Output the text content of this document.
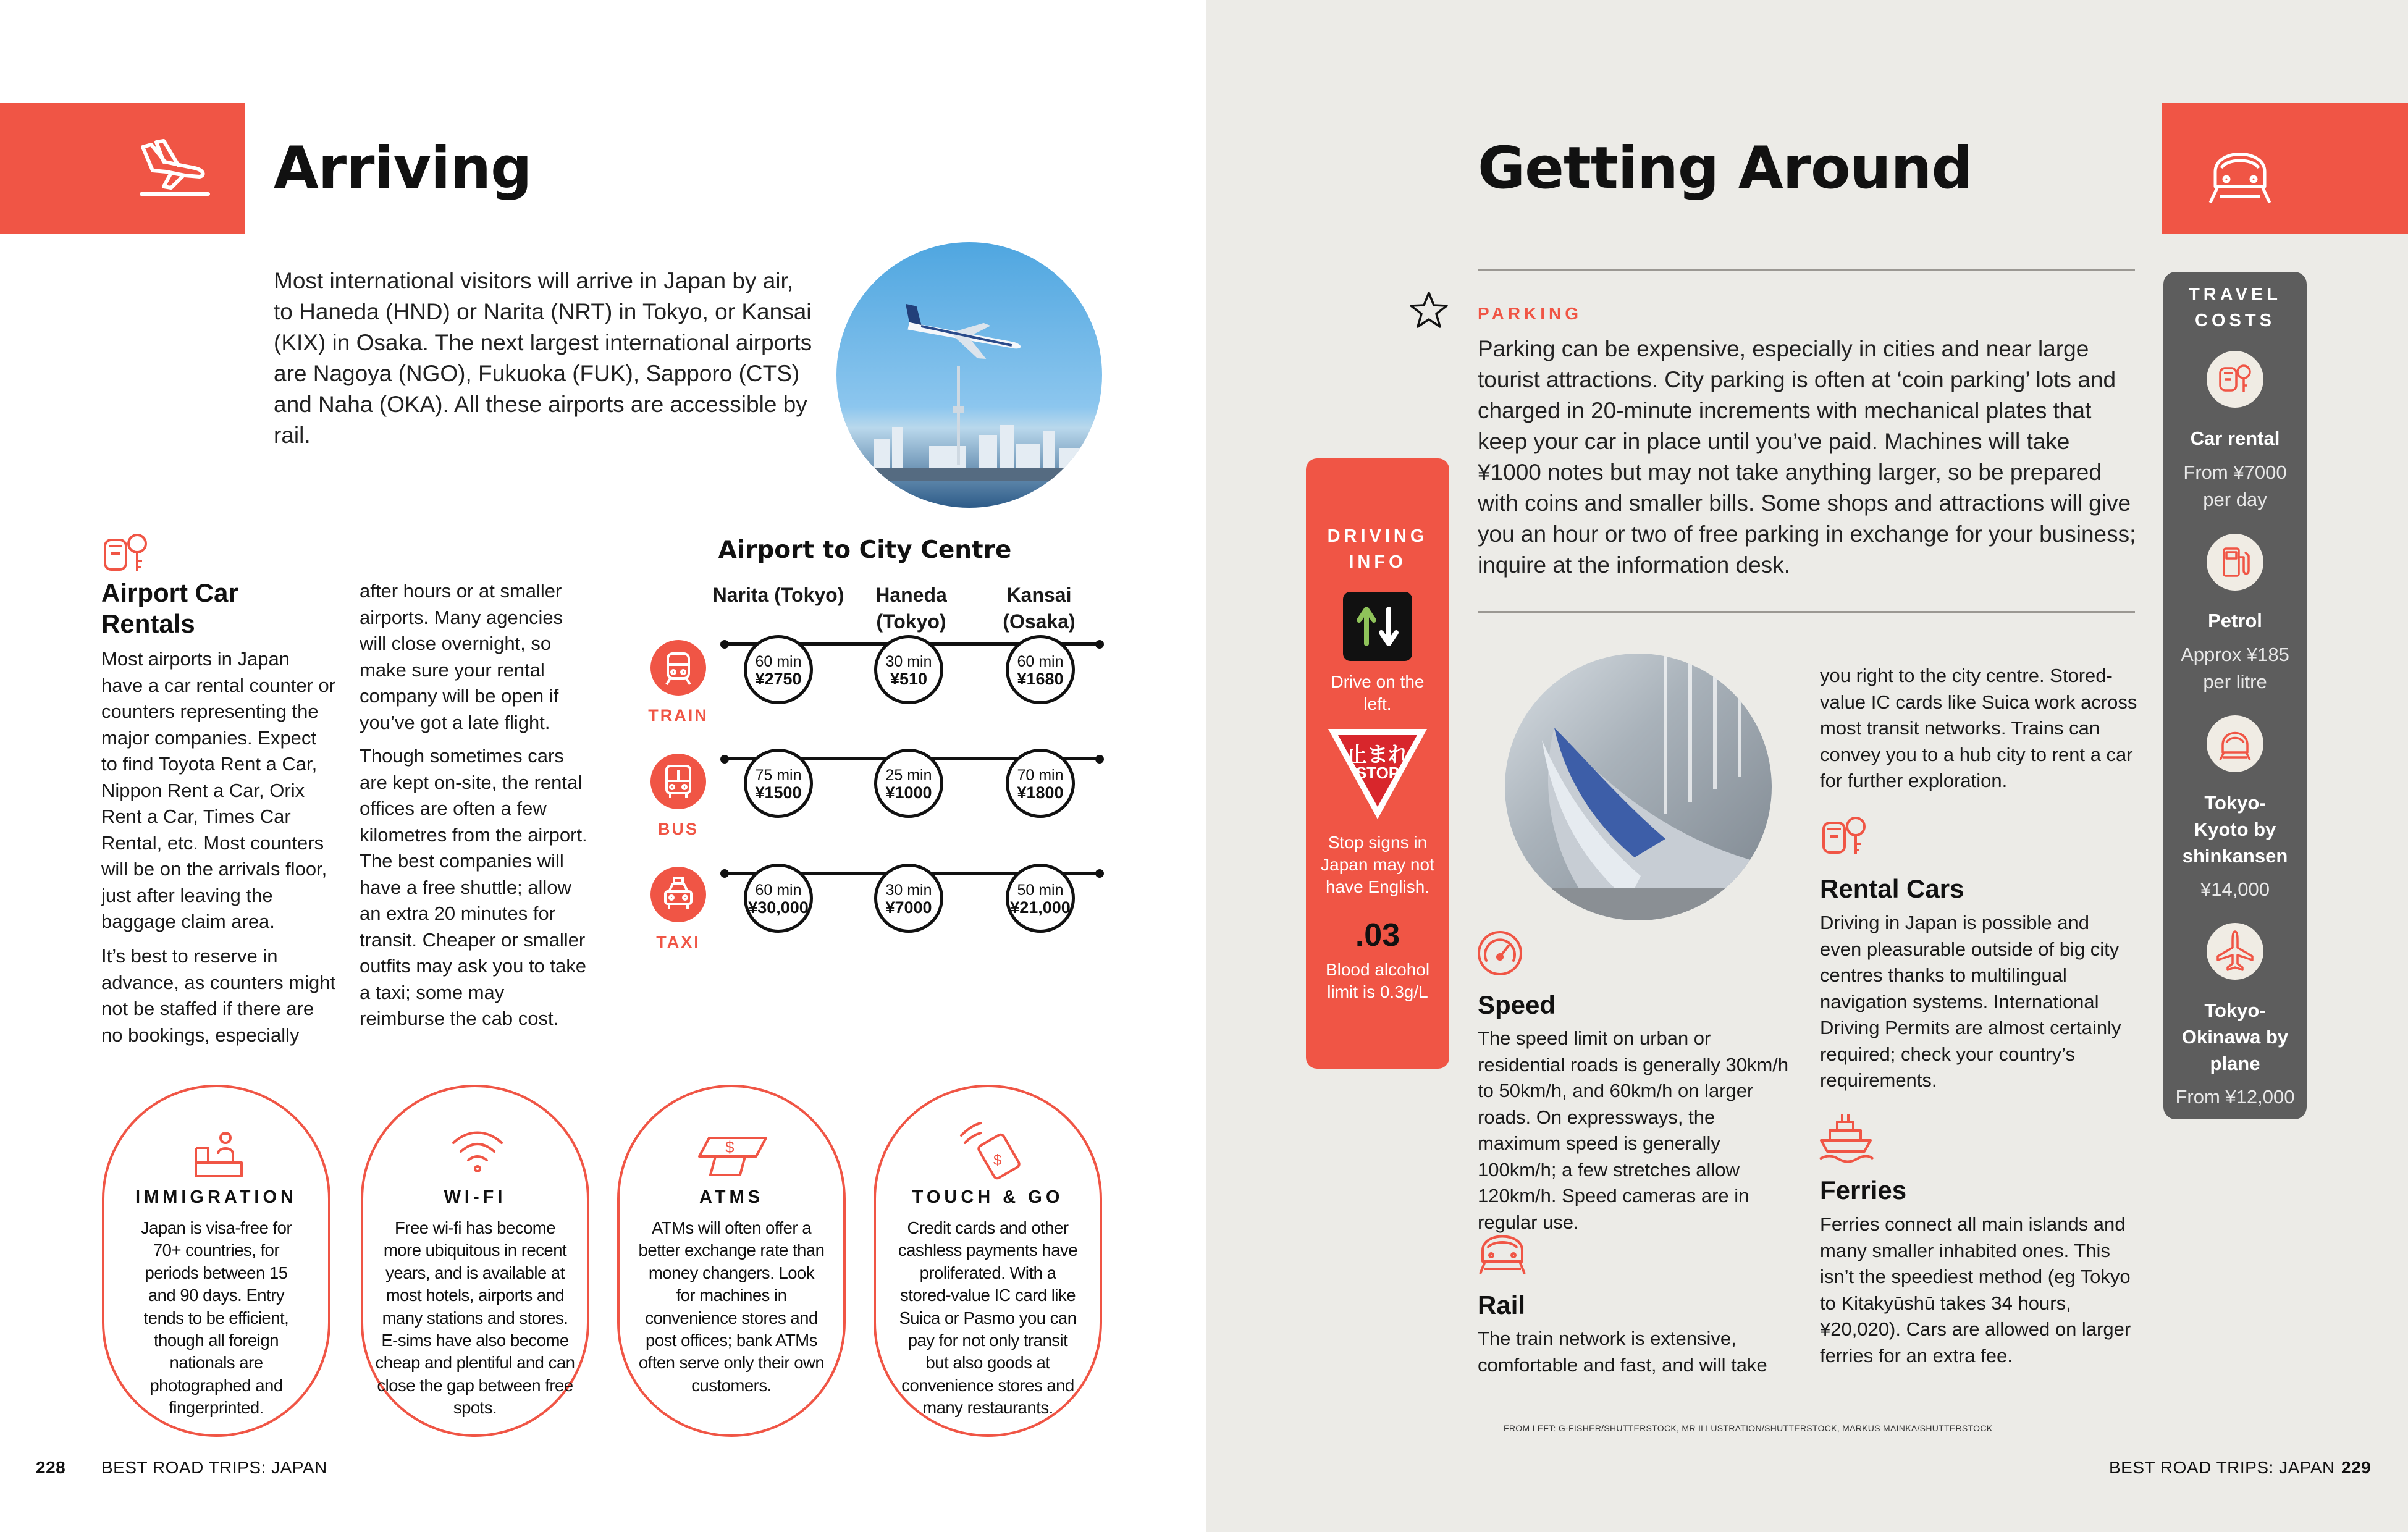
Arriving
Most international visitors will arrive in Japan by air, to Haneda (HND) or Narita (NRT) in Tokyo, or Kansai (KIX) in Osaka. The next largest international airports are Nagoya (NGO), Fukuoka (FUK), Sapporo (CTS) and Naha (OKA). All these airports are accessible by rail.
Airport Car
Rentals
Most airports in Japan have a car rental counter or counters representing the major companies. Expect to find Toyota Rent a Car, Nippon Rent a Car, Orix Rent a Car, Times Car Rental, etc. Most counters will be on the arrivals floor, just after leaving the baggage claim area.
It’s best to reserve in advance, as counters might not be staffed if there are no bookings, especially
after hours or at smaller airports. Many agencies will close overnight, so make sure your rental company will be open if you’ve got a late flight.
Though sometimes cars are kept on-site, the rental offices are often a few kilometres from the airport. The best companies will have a free shuttle; allow an extra 20 minutes for transit. Cheaper or smaller outfits may ask you to take a taxi; some may reimburse the cab cost.
Airport to City Centre
Narita (Tokyo)	Haneda
(Tokyo)
Kansai
(Osaka)
TRAIN
60 min
¥2750
30 min
¥510
60 min
¥1680
BUS
75 min
¥1500
25 min
¥1000
70 min
¥1800
TAXI
60 min
¥30,000
30 min
¥7000
50 min
¥21,000
IMMIGRATION
Japan is visa-free for 70+ countries, for periods between 15 and 90 days. Entry tends to be efficient, though all foreign nationals are photographed and fingerprinted.
WI-FI
Free wi-fi has become more ubiquitous in recent years, and is available at most hotels, airports and many stations and stores. E-sims have also become cheap and plentiful and can close the gap between free spots.
$
ATMS
ATMs will often offer a better exchange rate than money changers. Look for machines in convenience stores and post offices; bank ATMs often serve only their own customers.
$
TOUCH & GO
Credit cards and other cashless payments have proliferated. With a stored-value IC card like Suica or Pasmo you can pay for not only transit but also goods at convenience stores and many restaurants.
228 BEST ROAD TRIPS: JAPAN
Getting Around
PARKING
Parking can be expensive, especially in cities and near large tourist attractions. City parking is often at ‘coin parking’ lots and charged in 20-minute increments with mechanical plates that keep your car in place until you’ve paid. Machines will take ¥1000 notes but may not take anything larger, so be prepared with coins and smaller bills. Some shops and attractions will give you an hour or two of free parking in exchange for your business; inquire at the information desk.
DRIVING
INFO
Drive on the left.
止まれ
STOP
Stop signs in Japan may not have English.
.03
Blood alcohol limit is 0.3g/L	Speed
The speed limit on urban or residential roads is generally 30km/h to 50km/h, and 60km/h on larger roads. On expressways, the maximum speed is generally 100km/h; a few stretches allow 120km/h. Speed cameras are in regular use.
Rail
The train network is extensive, comfortable and fast, and will take
you right to the city centre. Stored-value IC cards like Suica work across most transit networks. Trains can convey you to a hub city to rent a car for further exploration.
Rental Cars
Driving in Japan is possible and even pleasurable outside of big city centres thanks to multilingual navigation systems. International Driving Permits are almost certainly required; check your country’s requirements.
Ferries
Ferries connect all main islands and many smaller inhabited ones. This isn’t the speediest method (eg Tokyo to Kitakyūshū takes 34 hours, ¥20,020). Cars are allowed on larger ferries for an extra fee.
TRAVEL
COSTS
Car rental
From ¥7000
per day
Petrol
Approx ¥185
per litre
Tokyo-
Kyoto by
shinkansen
¥14,000
Tokyo-
Okinawa by
plane
From ¥12,000
FROM LEFT: G-FISHER/SHUTTERSTOCK, MR ILLUSTRATION/SHUTTERSTOCK, MARKUS MAINKA/SHUTTERSTOCK
BEST ROAD TRIPS: JAPAN 229
